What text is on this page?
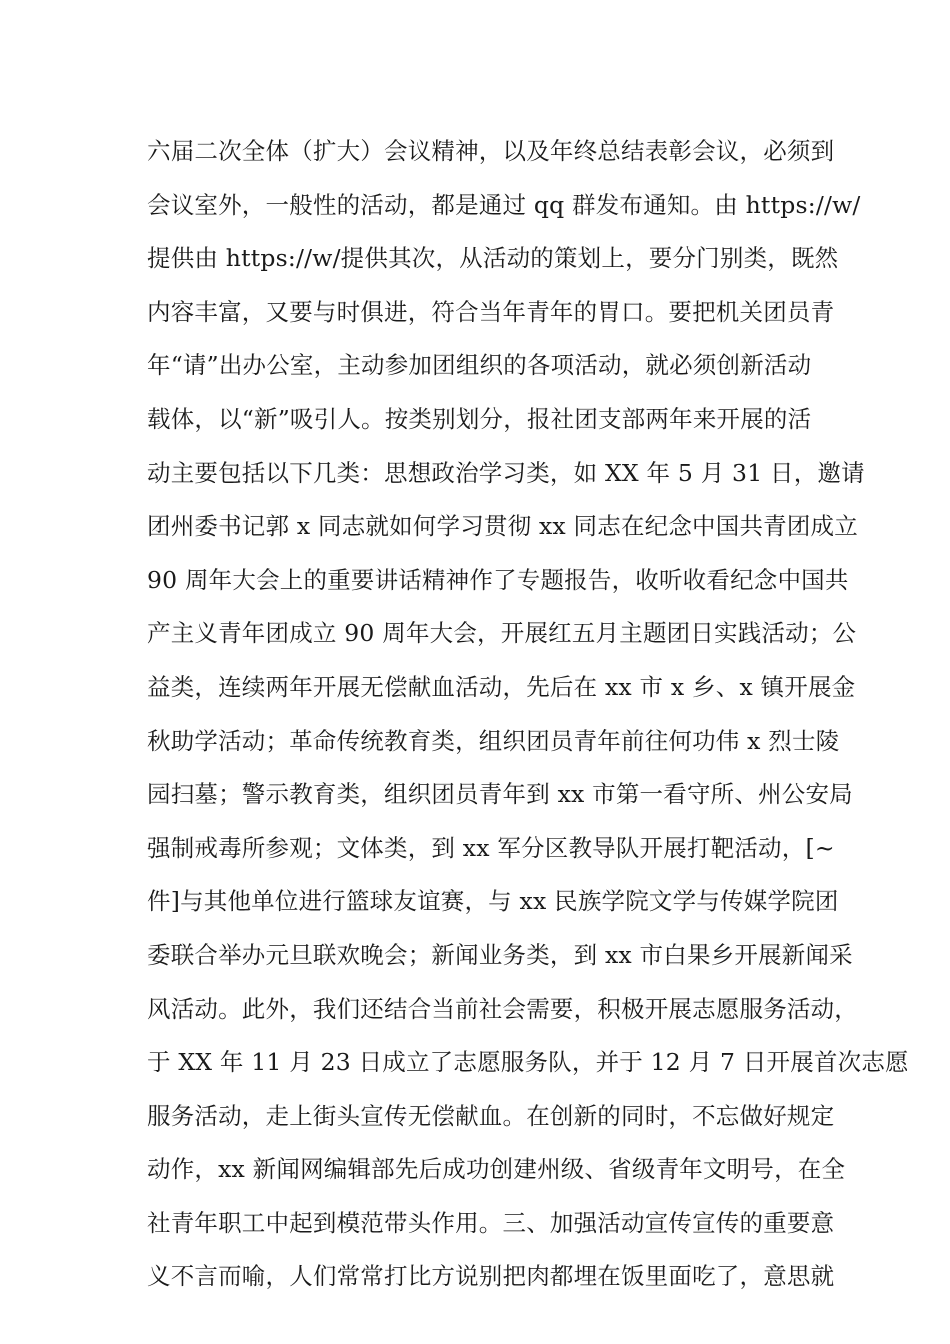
六届二次全体（扩大）会议精神，以及年终总结表彰会议，必须到
会议室外，一般性的活动，都是通过 qq 群发布通知。由 https://w/
提供由 https://w/提供其次，从活动的策划上，要分门别类，既然
内容丰富，又要与时俱进，符合当年青年的胃口。要把机关团员青
年“请”出办公室，主动参加团组织的各项活动，就必须创新活动
载体，以“新”吸引人。按类别划分，报社团支部两年来开展的活
动主要包括以下几类：思想政治学习类，如 XX 年 5 月 31 日，邀请
团州委书记郭 x 同志就如何学习贯彻 xx 同志在纪念中国共青团成立
90 周年大会上的重要讲话精神作了专题报告，收听收看纪念中国共
产主义青年团成立 90 周年大会，开展红五月主题团日实践活动；公
益类，连续两年开展无偿献血活动，先后在 xx 市 x 乡、x 镇开展金
秋助学活动；革命传统教育类，组织团员青年前往何功伟 x 烈士陵
园扫墓；警示教育类，组织团员青年到 xx 市第一看守所、州公安局
强制戒毒所参观；文体类，到 xx 军分区教导队开展打靶活动，[~
件]与其他单位进行篮球友谊赛，与 xx 民族学院文学与传媒学院团
委联合举办元旦联欢晚会；新闻业务类，到 xx 市白果乡开展新闻采
风活动。此外，我们还结合当前社会需要，积极开展志愿服务活动，
于 XX 年 11 月 23 日成立了志愿服务队，并于 12 月 7 日开展首次志愿
服务活动，走上街头宣传无偿献血。在创新的同时，不忘做好规定
动作，xx 新闻网编辑部先后成功创建州级、省级青年文明号，在全
社青年职工中起到模范带头作用。三、加强活动宣传宣传的重要意
义不言而喻，人们常常打比方说别把肉都埋在饭里面吃了，意思就
